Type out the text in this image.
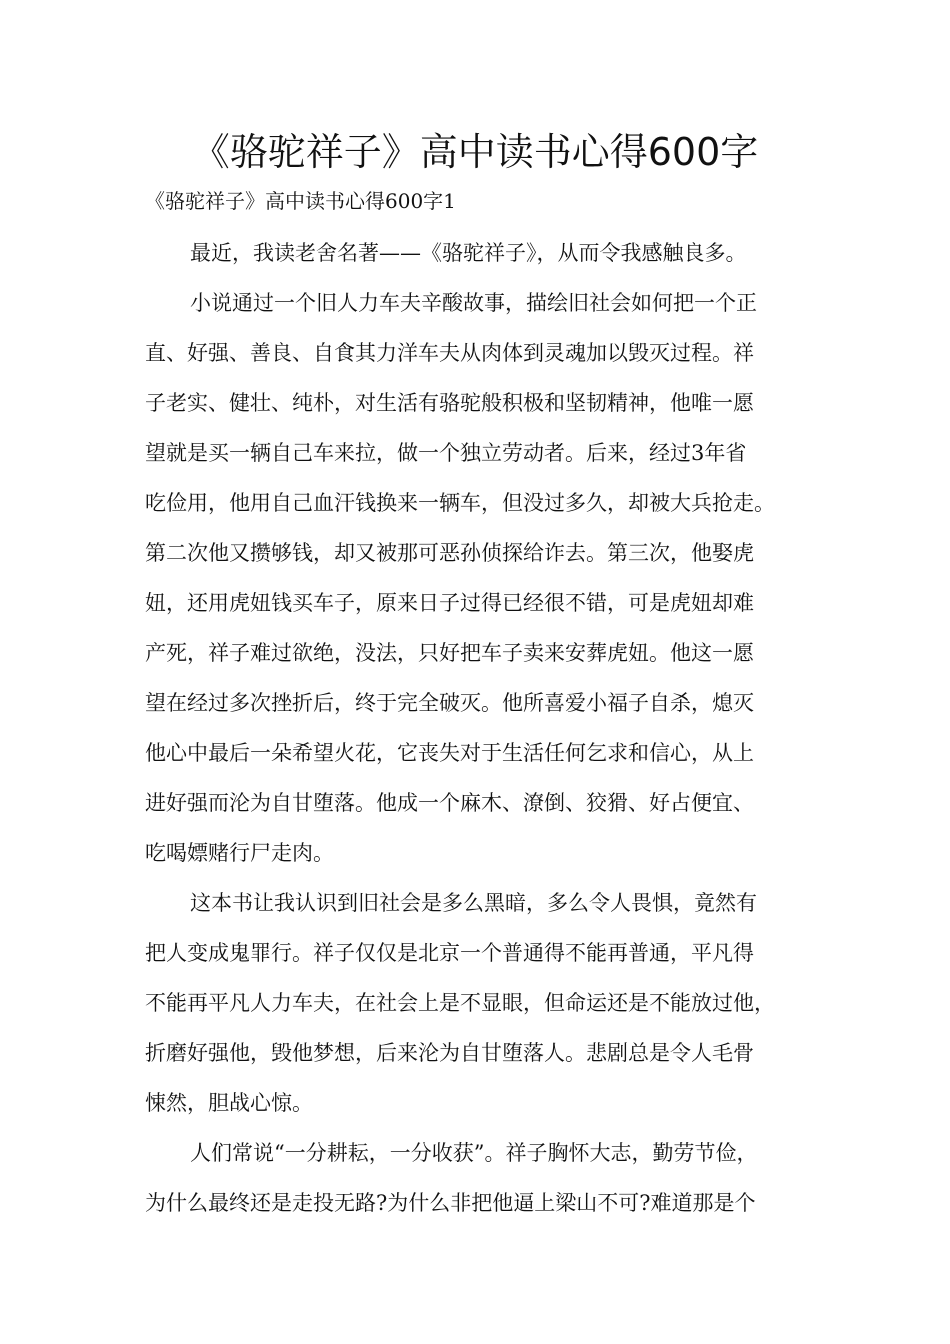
《骆驼祥子》高中读书心得600字
《骆驼祥子》高中读书心得600字1
最近，我读老舍名著——《骆驼祥子》，从而令我感触良多。
小说通过一个旧人力车夫辛酸故事，描绘旧社会如何把一个正
直、好强、善良、自食其力洋车夫从肉体到灵魂加以毁灭过程。祥
子老实、健壮、纯朴，对生活有骆驼般积极和坚韧精神，他唯一愿
望就是买一辆自己车来拉，做一个独立劳动者。后来，经过3年省
吃俭用，他用自己血汗钱换来一辆车，但没过多久，却被大兵抢走。
第二次他又攒够钱，却又被那可恶孙侦探给诈去。第三次，他娶虎
妞，还用虎妞钱买车子，原来日子过得已经很不错，可是虎妞却难
产死，祥子难过欲绝，没法，只好把车子卖来安葬虎妞。他这一愿
望在经过多次挫折后，终于完全破灭。他所喜爱小福子自杀，熄灭
他心中最后一朵希望火花，它丧失对于生活任何乞求和信心，从上
进好强而沦为自甘堕落。他成一个麻木、潦倒、狡猾、好占便宜、
吃喝嫖赌行尸走肉。
这本书让我认识到旧社会是多么黑暗，多么令人畏惧，竟然有
把人变成鬼罪行。祥子仅仅是北京一个普通得不能再普通，平凡得
不能再平凡人力车夫，在社会上是不显眼，但命运还是不能放过他，
折磨好强他，毁他梦想，后来沦为自甘堕落人。悲剧总是令人毛骨
悚然，胆战心惊。
人们常说“一分耕耘，一分收获”。祥子胸怀大志，勤劳节俭，
为什么最终还是走投无路?为什么非把他逼上梁山不可?难道那是个
